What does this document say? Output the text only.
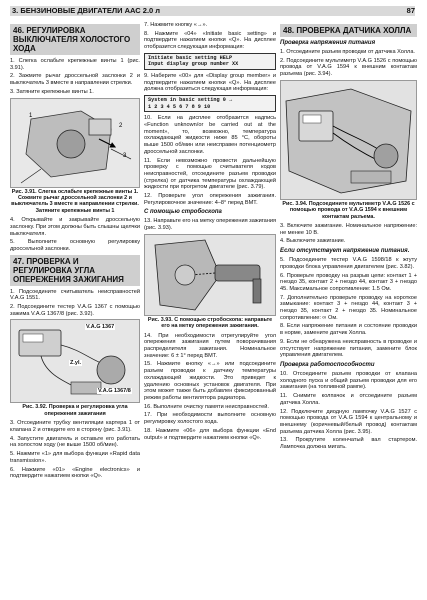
3. БЕНЗИНОВЫЕ ДВИГАТЕЛИ ААС 2.0 л	87
46. РЕГУЛИРОВКА ВЫКЛЮЧАТЕЛЯ ХОЛОСТОГО ХОДА

1. Слегка ослабьте крепежные винты 1 (рис. 3.91).

2. Зажмите рычаг дроссельной заслонки 2 и выключатель 3 вместе в направлении стрелки.

3. Затяните крепежные винты 1.

1
2
3
Рис. 3.91. Слегка ослабьте крепежные винты 1. Сожмите рычаг дроссельной заслонки 2 и выключатель 3 вместе в направлении стрелки. Затяните крепежные винты 1

4. Открывайте и закрывайте дроссельную заслонку. При этом должны быть слышны щелчки выключателя.

5. Выполните основную регулировку дроссельной заслонки.

47. ПРОВЕРКА И РЕГУЛИРОВКА УГЛА ОПЕРЕЖЕНИЯ ЗАЖИГАНИЯ

1. Подсоедините считыватель неисправностей V.A.G 1551.

2. Подсоедините тестер V.A.G 1367 с помощью зажима V.A.G 1367/8 (рис. 3.92).

V.A.G 1367
V.A.G 1367/8
Z.yl.
Рис. 3.92. Проверка и регулировка угла опережения зажигания

3. Отсоедините трубку вентиляции картера 1 от клапана 2 и отведите его в сторону (рис. 3.91).

4. Запустите двигатель и оставьте его работать на холостом ходу (не выше 1500 об/мин).

5. Нажмите «1» для выбора функции «Rapid data transmission».

6. Нажмите «01» «Engine electronics» и подтвердите нажатием кнопки «Q».

7. Нажмите кнопку «→».

8. Нажмите «04» «Initiate basic setting» и подтвердите нажатием кнопки «Q». На дисплее отобразится следующая информация:

Initiate basic setting HELP
Input display group number XX

9. Наберите «00» для «Display group member» и подтвердите нажатием кнопки «Q». На дисплее должна отобразиться следующая информация:

System in basic setting 0 →
1 2 3 4 5 6 7 8 9 10

10. Если на дисплее отобразится надпись «Function unknown/or be carried out at the moment», то, возможно, температура охлаждающей жидкости ниже 85 °C, обороты выше 1500 об/мин или неисправен потенциометр дроссельной заслонки.

11. Если невозможно провести дальнейшую проверку с помощью считывателя кодов неисправностей, отсоедините разъем проводки (стрелка) от датчика температуры охлаждающей жидкости при прогретом двигателе (рис. 3.79).

12. Проверьте угол опережения зажигания. Регулировочное значение: 4–8° перед ВМТ.

С помощью стробоскопа

13. Направьте его на метку опережения зажигания (рис. 3.93).

Рис. 3.93. С помощью стробоскопа: направьте его на метку опережения зажигания.

14. При необходимости отрегулируйте угол опережения зажигания путем поворачивания распределителя зажигания. Номинальное значение: 6 ± 1° перед ВМТ.

15. Нажмите кнопку «→» или подсоедините разъем проводки к датчику температуры охлаждающей жидкости. Это приведет к удалению основных установок двигателя. При этом может также быть добавлен фиксированный режим работы вентилятора радиатора.

16. Выполните очистку памяти неисправностей.

17. При необходимости выполните основную регулировку холостого хода.

18. Нажмите «06» для выбора функции «End output» и подтвердите нажатием кнопки «Q».

48. ПРОВЕРКА ДАТЧИКА ХОЛЛА
Проверка напряжения питания

1. Отсоедините разъем проводки от датчика Холла.

2. Подсоедините мультиметр V.A.G 1526 с помощью провода от V.A.G 1594 к внешним контактам разъема (рис. 3.94).

Рис. 3.94. Подсоедините мультиметр V.A.G 1526 с помощью провода от V.A.G 1594 к внешним контактам разъема.

3. Включите зажигание. Номинальное напряжение: не менее 10 В.

4. Выключите зажигание.

Если отсутствует напряжение питания.

5. Подсоедините тестер V.A.G 1598/18 к жгуту проводки блока управления двигателем (рис. 3.82).

6. Проверьте проводку на разрыв цепи: контакт 1 + гнездо 35, контакт 2 + гнездо 44, контакт 3 + гнездо 45. Максимальное сопротивление: 1.5 Ом.

7. Дополнительно проверьте проводку на короткое замыкание: контакт 3 + гнездо 44, контакт 3 + гнездо 35, контакт 2 + гнездо 35. Номинальное сопротивление: ∞ Ом.

8. Если напряжение питания и состояние проводки в норме, замените датчик Холла.

9. Если не обнаружена неисправность в проводке и отсутствует напряжение питания, замените блок управления двигателем.

Проверка работоспособности

10. Отсоедините разъем проводки от клапана холодного пуска и общий разъем проводки для его зажигания (на топливной рампе).

11. Снимите колпачок и отсоедините разъем датчика Холла.

12. Подключите диодную лампочку V.A.G 1527 с помощью провода от V.A.G 1594 к центральному и внешнему (коричневый/белый провод) контактам разъема датчика Холла (рис. 3.95).

13. Прокрутите коленчатый вал стартером. Лампочка должна мигать.
